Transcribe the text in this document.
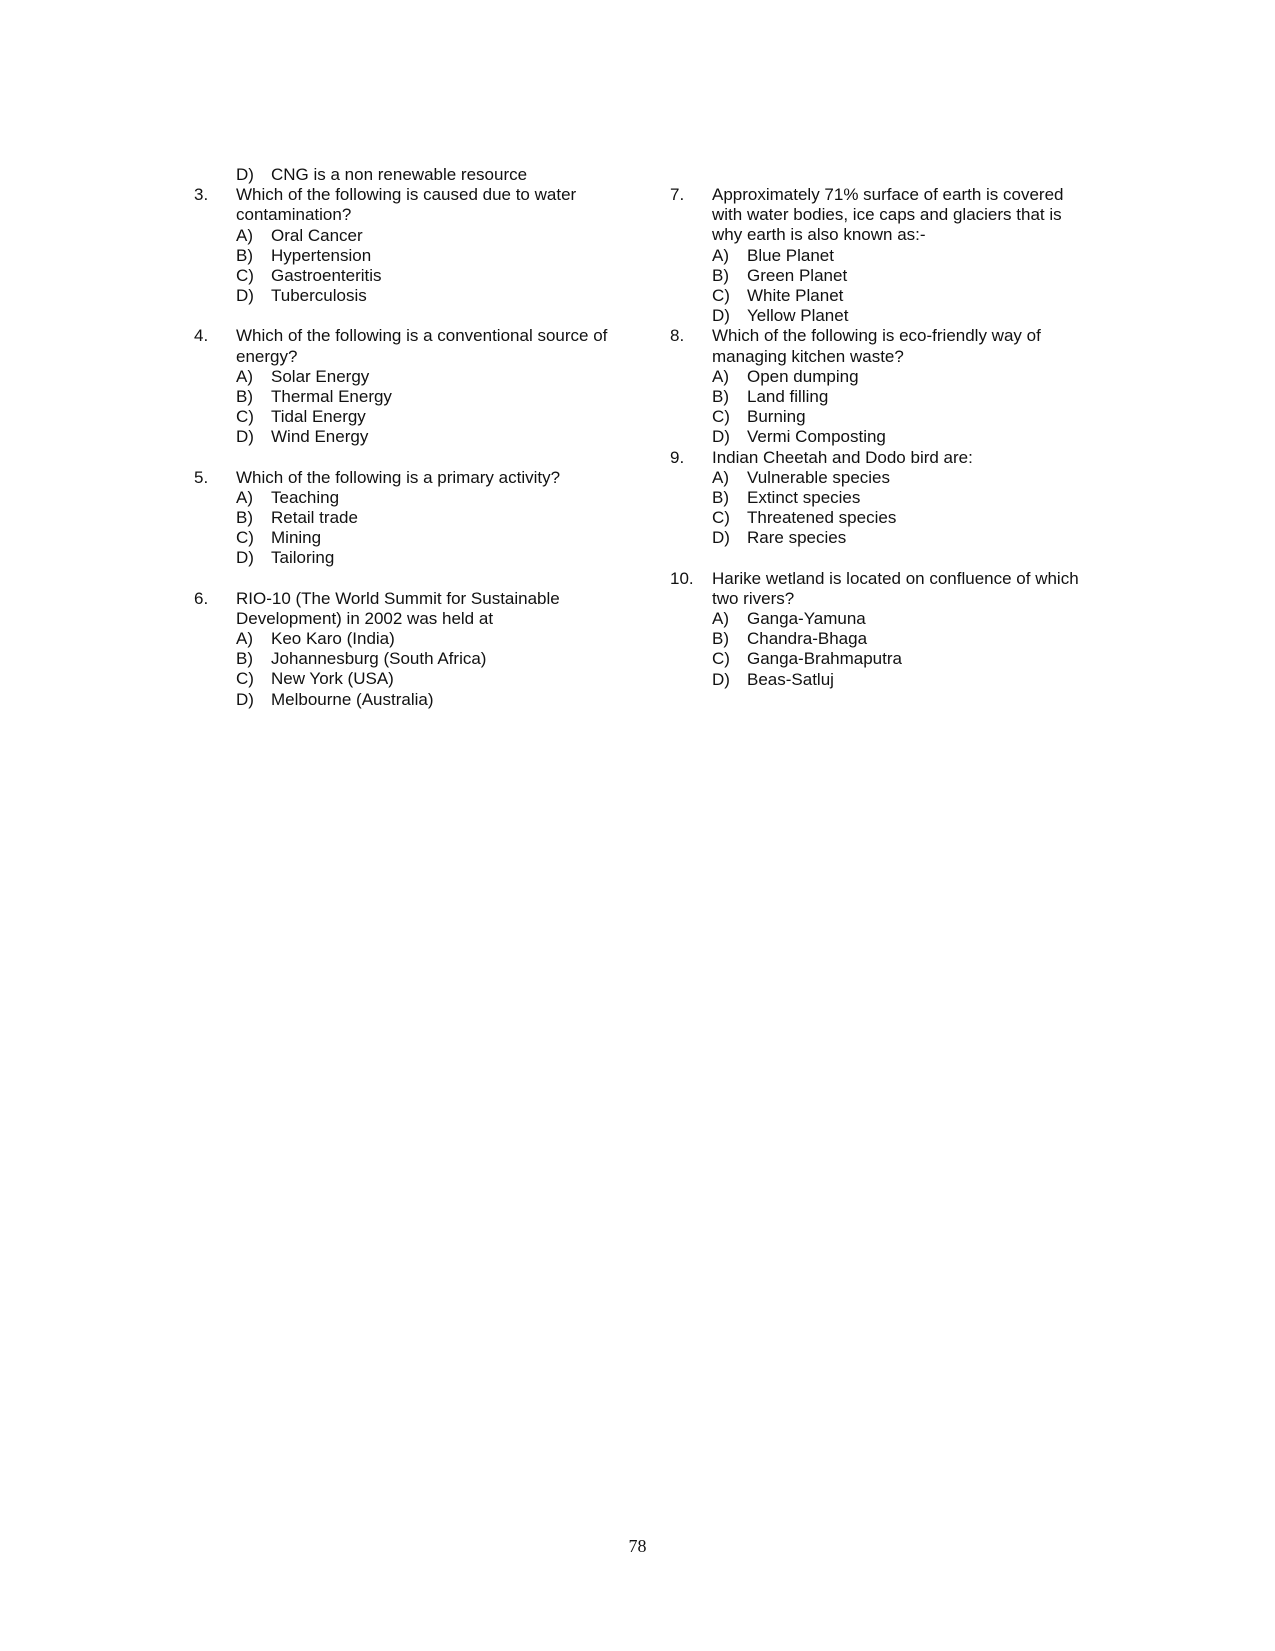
D) CNG is a non renewable resource
3.	Which of the following is caused due to water contamination?
A) Oral Cancer
B) Hypertension
C) Gastroenteritis
D) Tuberculosis
4.	Which of the following is a conventional source of energy?
A) Solar Energy
B) Thermal Energy
C) Tidal Energy
D) Wind Energy
5.	Which of the following is a primary activity?
A) Teaching
B) Retail trade
C) Mining
D) Tailoring
6.	RIO-10 (The World Summit for Sustainable Development) in 2002 was held at
A) Keo Karo (India)
B) Johannesburg (South Africa)
C) New York (USA)
D) Melbourne (Australia)
7.	Approximately 71% surface of earth is covered with water bodies, ice caps and glaciers that is why earth is also known as:-
A) Blue Planet
B) Green Planet
C) White Planet
D) Yellow Planet
8.	Which of the following is eco-friendly way of managing kitchen waste?
A) Open dumping
B) Land filling
C) Burning
D) Vermi Composting
9.	Indian Cheetah and Dodo bird are:
A) Vulnerable species
B) Extinct species
C) Threatened species
D) Rare species
10.	Harike wetland is located on confluence of which two rivers?
A) Ganga-Yamuna
B) Chandra-Bhaga
C) Ganga-Brahmaputra
D) Beas-Satluj
78
